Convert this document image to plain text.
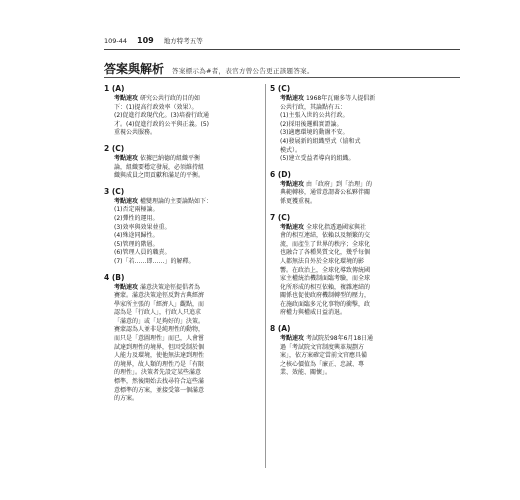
109-44 109 地方特考五等
答案與解析 答案標示為#者，表官方曾公告更正該題答案。
1 (A)
考點速攻 研究公共行政的目的如
下：(1)提高行政效率（效果）。
(2)促進行政現代化。(3)培養行政通
才。(4)促進行政的公平與正義。(5)
重視公共服務。
2 (C)
考點速攻 依據巴納德的組織平衡
論，組織要穩定發展，必須維持組
織與成員之間貢獻和滿足的平衡。
3 (C)
考點速攻 權變理論的主要論點如下：
(1)否定兩極論。
(2)彈性的運用。
(3)效率與效果並重。
(4)殊途同歸性。
(5)管理的階層。
(6)管理人員的職責。
(7)「若……即……」的解釋。
4 (B)
考點速攻 滿意決策途徑提倡者為
賽蒙。滿意決策途徑反對古典經濟
學家所主張的「經濟人」觀點，而
認為是「行政人」，行政人只追求
「滿意的」或「足夠好的」決策。
賽蒙認為人並非是純理性的動物，
而只是「意圖理性」而已，人會嘗
試達到理性的境界，但因受制於個
人能力及環境，使他無法達到理性
的境界，故人類的理性乃是「有限
的理性」。決策者先設定某些滿意
標準，然後開始去找尋符合這些滿
意標準的方案，並接受第一個滿意
的方案。
5 (C)
考點速攻 1968年瓦爾多等人提倡新
公共行政，其論點有五：
(1)主張入世的公共行政。
(2)採用後邏輯實證論。
(3)適應環境的動盪不安。
(4)發展新的組織型式（協和式
模式）。
(5)建立受益者導向的組織。
6 (D)
考點速攻 由「政府」到「治理」的
典範轉移，通常意謂著公私夥伴關
係更獲重視。
7 (C)
考點速攻 全球化指透過國家與社
會的相互連結，依賴以及頻繁的交
流，而產生了世界的秩序；全球化
也融合了各種異質文化，幾乎每個
人都無法自外於全球化環境的影
響。在政治上，全球化導致傳統國
家主權統治機制面臨考驗，而全球
化所形成的相互依賴，複雜連結的
關係也促使政府機制轉型的壓力，
在施政面臨多元化事物的衝擊，政
府權力與權威日益消退。
8 (A)
考點速攻 考試院於98年6月18日通
過「考試院文官制度興革規劃方
案」，依方案確定當前文官應具備
之核心價值為「廉正、忠誠、專
業、效能、關懷」。
